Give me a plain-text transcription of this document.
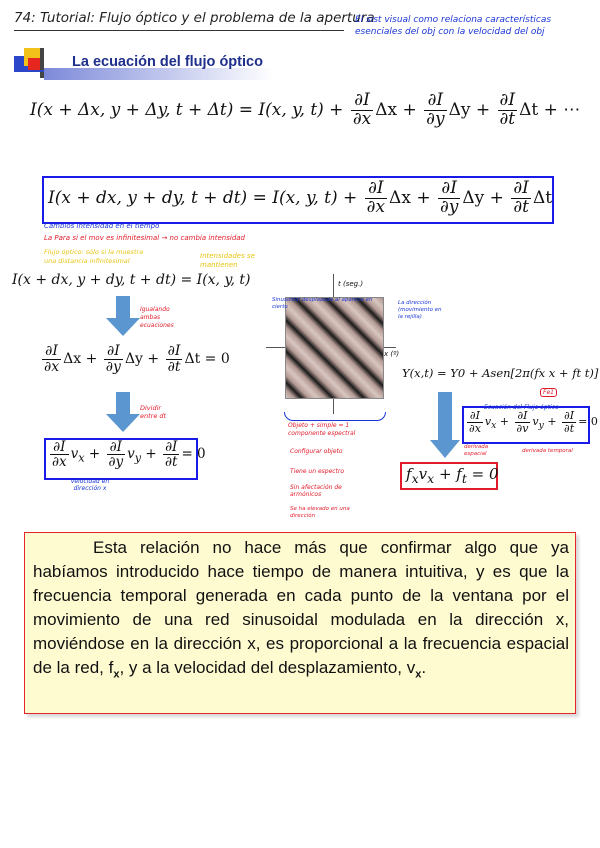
74: Tutorial: Flujo óptico y el problema de la apertura
El sist visual como relaciona características esenciales del obj con la velocidad del obj
La ecuación del flujo óptico
I(x + Δx, y + Δy, t + Δt) = I(x, y, $t) + \frac{\partial I}{\partial x}$ $\Delta x + \frac{\partial I}{\partial y}$ $\Delta y + \frac{\partial I}{\partial t}$ Δt + ⋯
I(x + dx, y + dy, t + dt) = I(x, y, $t) + \frac{\partial I}{\partial x}$ $\Delta x + \frac{\partial I}{\partial y}$ $\Delta y + \frac{\partial I}{\partial t}$ Δt
Cambios intensidad en el tiempo
La Para si el mov es infinitesimal → no cambia intensidad
Flujo óptico: sólo si la muestra una distancia infinitesimal
Intensidades se mantienen
I(x + dx, y + dy, t + dt) = I(x, y, t)
Igualando ambas ecuaciones
$\frac{\partial I}{\partial x}$ $\Delta x + \frac{\partial I}{\partial y}$ $\Delta y + \frac{\partial I}{\partial t}$ Δt = 0
Dividir entre dt
$\frac{\partial I}{\partial x} v_x + \frac{\partial I}{\partial y} v_y + \frac{\partial I}{\partial t} = 0$
velocidad en dirección x
t (seg.)
x (º)
Sinusoidal desplazada al aparece en cierto
La dirección (movimiento en la rejilla)
Y(x,t) = Y0 + Asen[2π(fx x + ft t)]
Fe1
Objeto + simple = 1 componente espectral
Configurar objeto
Tiene un espectro
Sin afectación de armónicos
Se ha elevado en una dirección
Ecuación del Flujo óptico
$\frac{\partial I}{\partial x} v_x + \frac{\partial I}{\partial v} v_y + \frac{\partial I}{\partial t} = 0$
derivada espacial	derivada temporal
$f_xv_x + f_t = 0$
Esta relación no hace más que confirmar algo que ya habíamos introducido hace tiempo de manera intuitiva, y es que la frecuencia temporal generada en cada punto de la ventana por el movimiento de una red sinusoidal modulada en la dirección x, moviéndose en la dirección x, es proporcional a la frecuencia espacial de la red, $f_x$, y a la velocidad del desplazamiento, $v_x$.
